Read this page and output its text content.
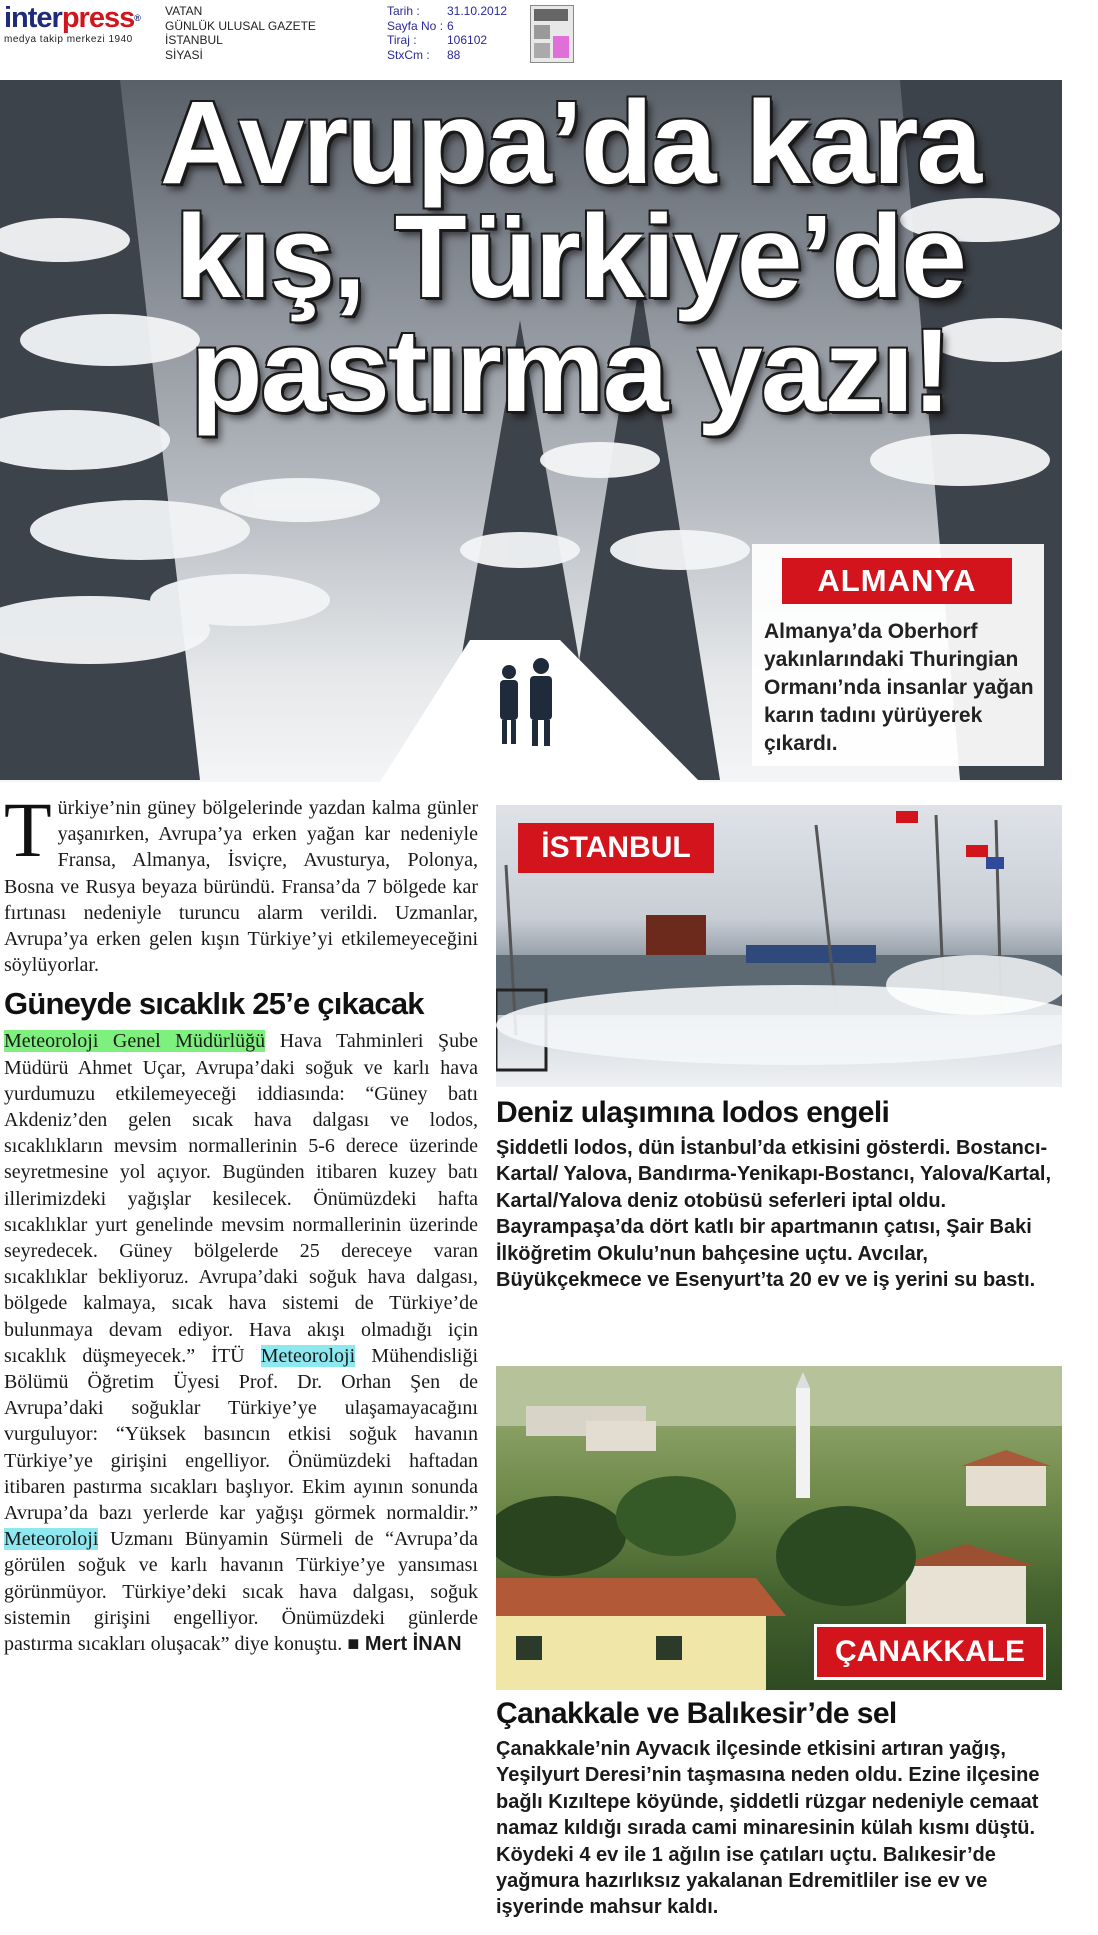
interpress®
medya takip merkezi 1940
VATAN
GÜNLÜK ULUSAL GAZETE
İSTANBUL
SİYASİ
Tarih :	31.10.2012
Sayfa No : 6
Tiraj :	106102
StxCm :	88
Avrupa’da kara
kış, Türkiye’de
pastırma yazı!
ALMANYA
Almanya’da Oberhorf yakınlarındaki Thuringian Ormanı’nda insanlar yağan karın tadını yürüyerek çıkardı.
Türkiye’nin güney bölgelerinde yazdan kalma günler yaşanırken, Avrupa’ya erken yağan kar nedeniyle Fransa, Almanya, İsviçre, Avusturya, Polonya, Bosna ve Rusya beyaza büründü. Fransa’da 7 bölgede kar fırtınası nedeniyle turuncu alarm verildi. Uzmanlar, Avrupa’ya erken gelen kışın Türkiye’yi etkilemeyeceğini söylüyorlar.
Güneyde sıcaklık 25’e çıkacak
Meteoroloji Genel Müdürlüğü Hava Tahminleri Şube Müdürü Ahmet Uçar, Avrupa’daki soğuk ve karlı hava yurdumuzu etkilemeyeceği iddiasında: “Güney batı Akdeniz’den gelen sıcak hava dalgası ve lodos, sıcaklıkların mevsim normallerinin 5-6 derece üzerinde seyretmesine yol açıyor. Bugünden itibaren kuzey batı illerimizdeki yağışlar kesilecek. Önümüzdeki hafta sıcaklıklar yurt genelinde mevsim normallerinin üzerinde seyredecek. Güney bölgelerde 25 dereceye varan sıcaklıklar bekliyoruz. Avrupa’daki soğuk hava dalgası, bölgede kalmaya, sıcak hava sistemi de Türkiye’de bulunmaya devam ediyor. Hava akışı olmadığı için sıcaklık düşmeyecek.” İTÜ Meteoroloji Mühendisliği Bölümü Öğretim Üyesi Prof. Dr. Orhan Şen de Avrupa’daki soğuklar Türkiye’ye ulaşamayacağını vurguluyor: “Yüksek basıncın etkisi soğuk havanın Türkiye’ye girişini engelliyor. Önümüzdeki haftadan itibaren pastırma sıcakları başlıyor. Ekim ayının sonunda Avrupa’da bazı yerlerde kar yağışı görmek normaldir.” Meteoroloji Uzmanı Bünyamin Sürmeli de “Avrupa’da görülen soğuk ve karlı havanın Türkiye’ye yansıması görünmüyor. Türkiye’deki sıcak hava dalgası, soğuk sistemin girişini engelliyor. Önümüzdeki günlerde pastırma sıcakları oluşacak” diye konuştu. ■ Mert İNAN
İSTANBUL
Deniz ulaşımına lodos engeli
Şiddetli lodos, dün İstanbul’da etkisini gösterdi. Bostancı-Kartal/ Yalova, Bandırma-Yenikapı-Bostancı, Yalova/Kartal, Kartal/Yalova deniz otobüsü seferleri iptal oldu. Bayrampaşa’da dört katlı bir apartmanın çatısı, Şair Baki İlköğretim Okulu’nun bahçesine uçtu. Avcılar, Büyükçekmece ve Esenyurt’ta 20 ev ve iş yerini su bastı.
ÇANAKKALE
Çanakkale ve Balıkesir’de sel
Çanakkale’nin Ayvacık ilçesinde etkisini artıran yağış, Yeşilyurt Deresi’nin taşmasına neden oldu. Ezine ilçesine bağlı Kızıltepe köyünde, şiddetli rüzgar nedeniyle cemaat namaz kıldığı sırada cami minaresinin külah kısmı düştü. Köydeki 4 ev ile 1 ağılın ise çatıları uçtu. Balıkesir’de yağmura hazırlıksız yakalanan Edremitliler ise ev ve işyerinde mahsur kaldı.
